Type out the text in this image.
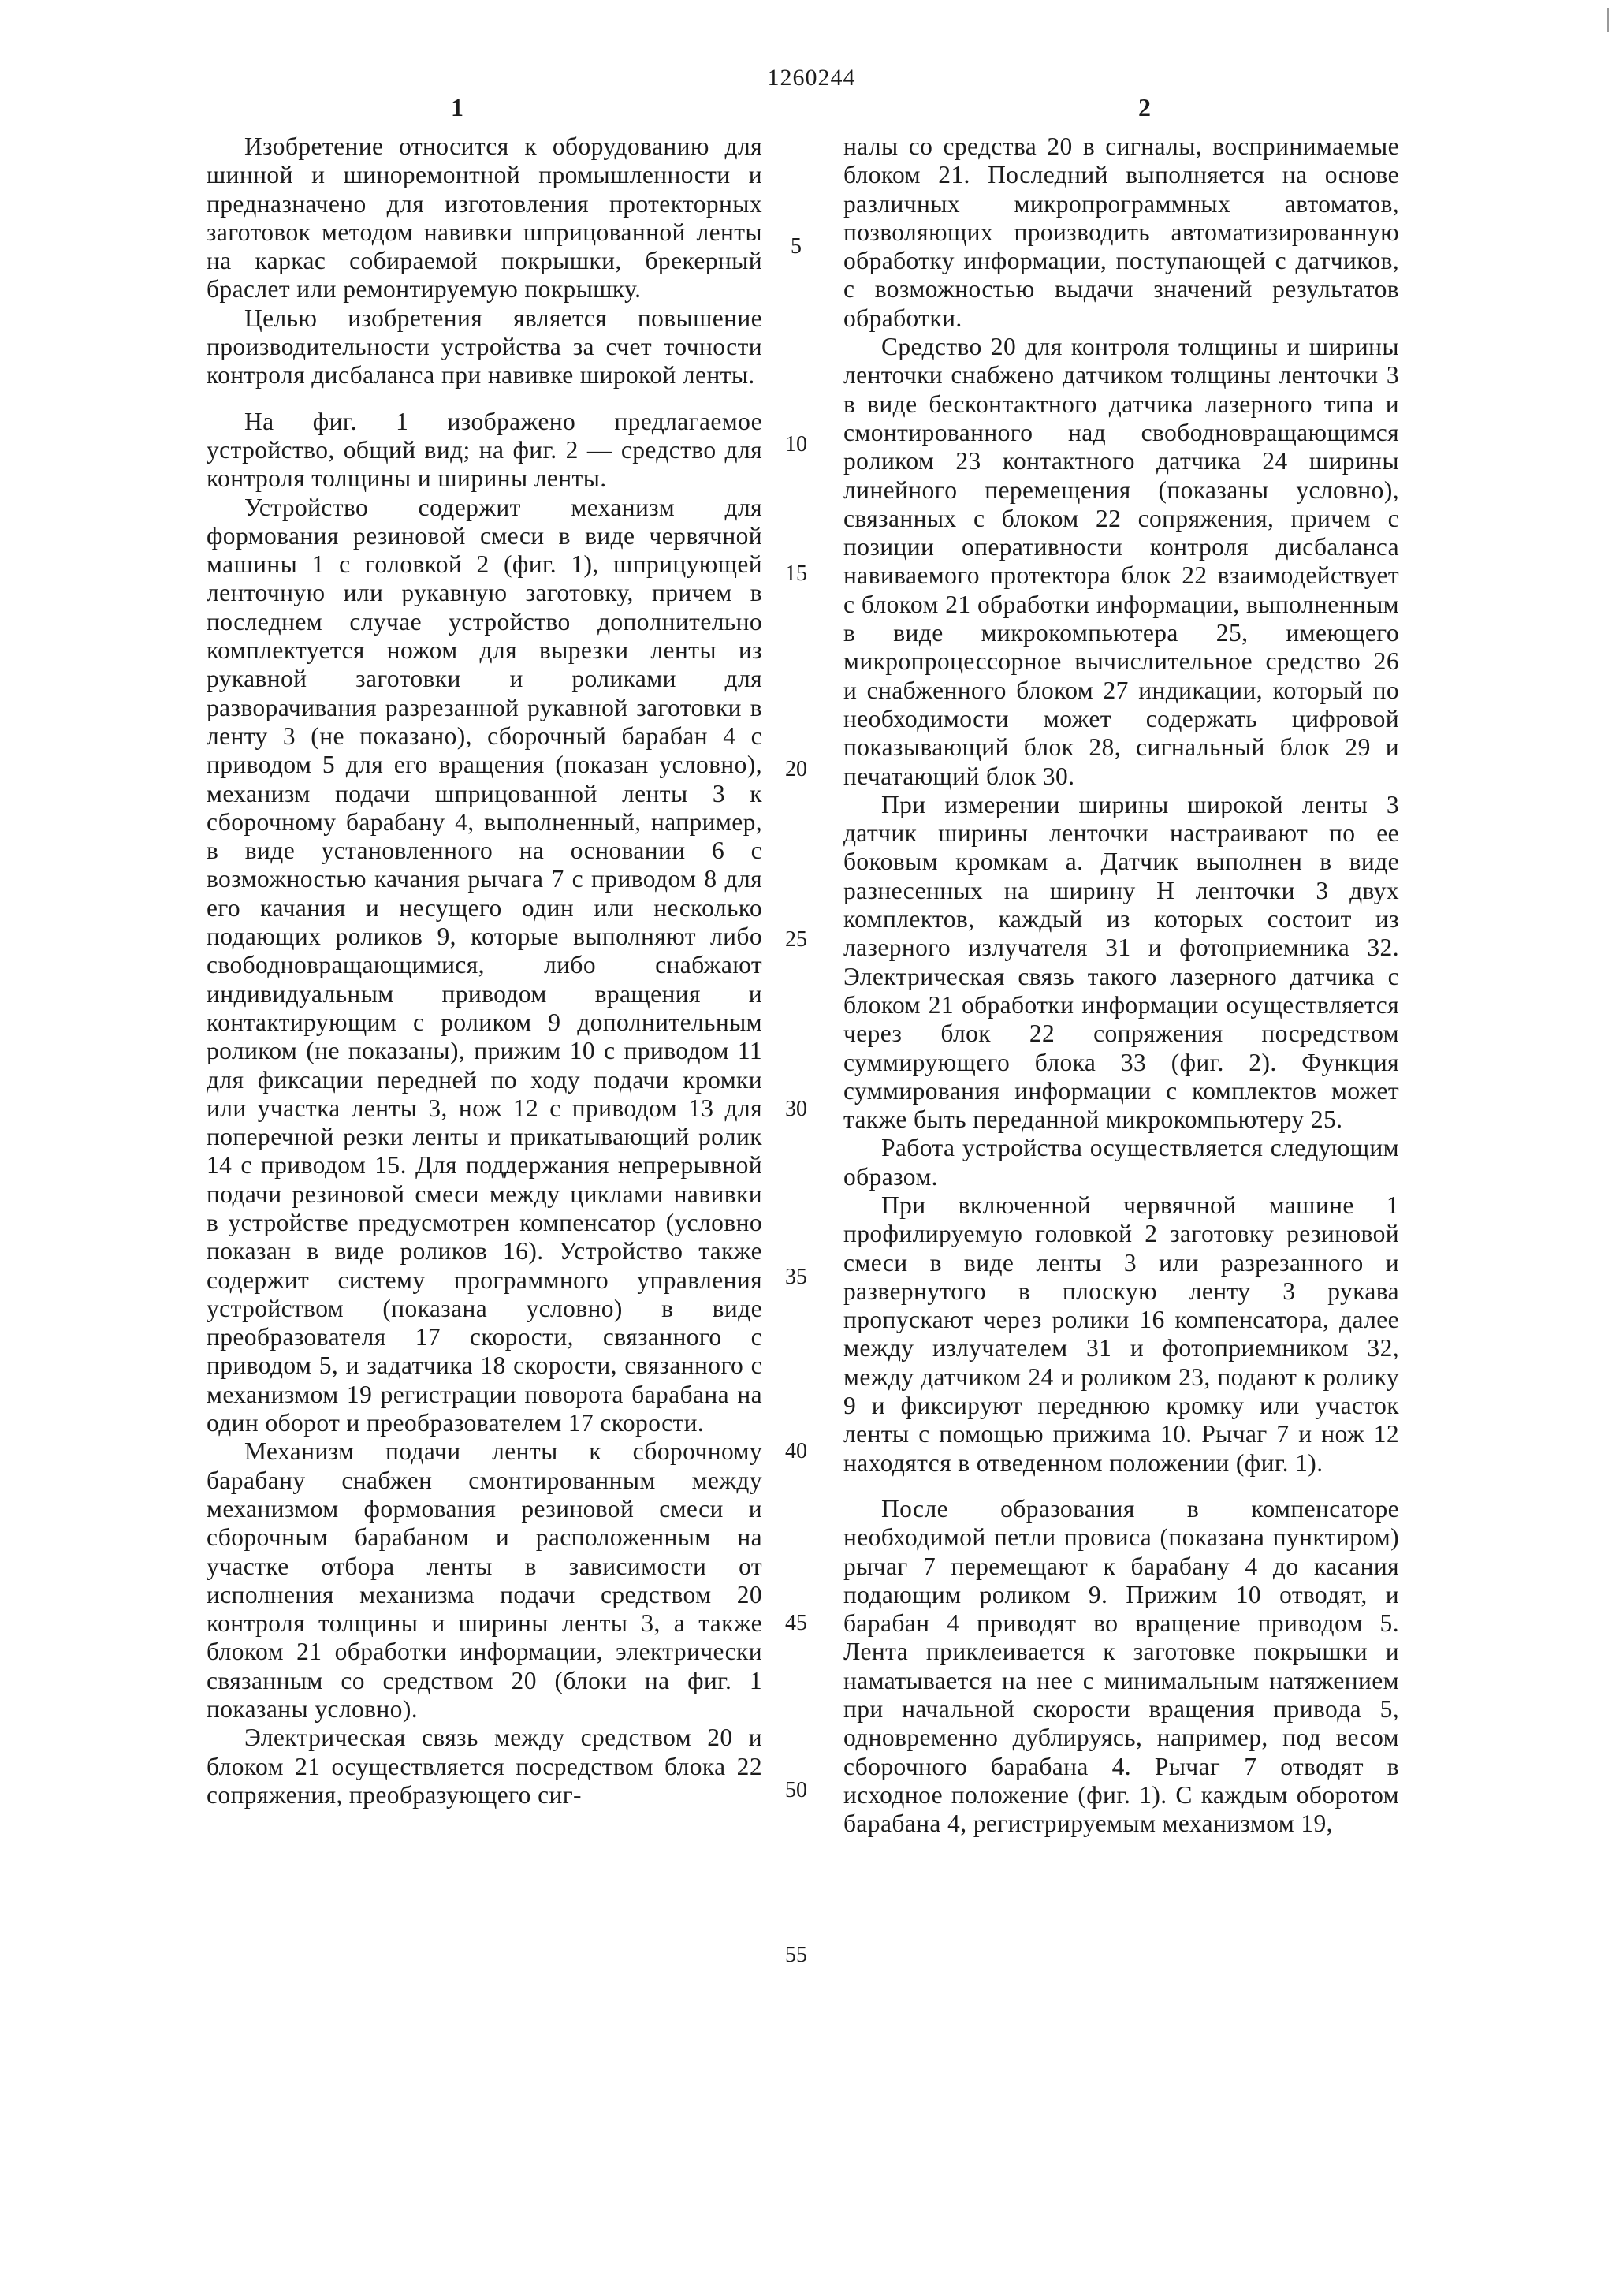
1260244
1	2

Изобретение относится к оборудованию для шинной и шиноремонтной промышленности и предназначено для изготовления протекторных заготовок методом навивки шприцованной ленты на каркас собираемой покрышки, брекерный браслет или ремонтируемую покрышку.

Целью изобретения является повышение производительности устройства за счет точности контроля дисбаланса при навивке широкой ленты.

На фиг. 1 изображено предлагаемое устройство, общий вид; на фиг. 2 — средство для контроля толщины и ширины ленты.

Устройство содержит механизм для формования резиновой смеси в виде червячной машины 1 с головкой 2 (фиг. 1), шприцующей ленточную или рукавную заготовку, причем в последнем случае устройство дополнительно комплектуется ножом для вырезки ленты из рукавной заготовки и роликами для разворачивания разрезанной рукавной заготовки в ленту 3 (не показано), сборочный барабан 4 с приводом 5 для его вращения (показан условно), механизм подачи шприцованной ленты 3 к сборочному барабану 4, выполненный, например, в виде установленного на основании 6 с возможностью качания рычага 7 с приводом 8 для его качания и несущего один или несколько подающих роликов 9, которые выполняют либо свободновращающимися, либо снабжают индивидуальным приводом вращения и контактирующим с роликом 9 дополнительным роликом (не показаны), прижим 10 с приводом 11 для фиксации передней по ходу подачи кромки или участка ленты 3, нож 12 с приводом 13 для поперечной резки ленты и прикатывающий ролик 14 с приводом 15. Для поддержания непрерывной подачи резиновой смеси между циклами навивки в устройстве предусмотрен компенсатор (условно показан в виде роликов 16). Устройство также содержит систему программного управления устройством (показана условно) в виде преобразователя 17 скорости, связанного с приводом 5, и задатчика 18 скорости, связанного с механизмом 19 регистрации поворота барабана на один оборот и преобразователем 17 скорости.

Механизм подачи ленты к сборочному барабану снабжен смонтированным между механизмом формования резиновой смеси и сборочным барабаном и расположенным на участке отбора ленты в зависимости от исполнения механизма подачи средством 20 контроля толщины и ширины ленты 3, а также блоком 21 обработки информации, электрически связанным со средством 20 (блоки на фиг. 1 показаны условно).

Электрическая связь между средством 20 и блоком 21 осуществляется посредством блока 22 сопряжения, преобразующего сиг-

5
10
15
20
25
30
35
40
45
50
55

налы со средства 20 в сигналы, воспринимаемые блоком 21. Последний выполняется на основе различных микропрограммных автоматов, позволяющих производить автоматизированную обработку информации, поступающей с датчиков, с возможностью выдачи значений результатов обработки.

Средство 20 для контроля толщины и ширины ленточки снабжено датчиком толщины ленточки 3 в виде бесконтактного датчика лазерного типа и смонтированного над свободновращающимся роликом 23 контактного датчика 24 ширины линейного перемещения (показаны условно), связанных с блоком 22 сопряжения, причем с позиции оперативности контроля дисбаланса навиваемого протектора блок 22 взаимодействует с блоком 21 обработки информации, выполненным в виде микрокомпьютера 25, имеющего микропроцессорное вычислительное средство 26 и снабженного блоком 27 индикации, который по необходимости может содержать цифровой показывающий блок 28, сигнальный блок 29 и печатающий блок 30.

При измерении ширины широкой ленты 3 датчик ширины ленточки настраивают по ее боковым кромкам а. Датчик выполнен в виде разнесенных на ширину Н ленточки 3 двух комплектов, каждый из которых состоит из лазерного излучателя 31 и фотоприемника 32. Электрическая связь такого лазерного датчика с блоком 21 обработки информации осуществляется через блок 22 сопряжения посредством суммирующего блока 33 (фиг. 2). Функция суммирования информации с комплектов может также быть переданной микрокомпьютеру 25.

Работа устройства осуществляется следующим образом.

При включенной червячной машине 1 профилируемую головкой 2 заготовку резиновой смеси в виде ленты 3 или разрезанного и развернутого в плоскую ленту 3 рукава пропускают через ролики 16 компенсатора, далее между излучателем 31 и фотоприемником 32, между датчиком 24 и роликом 23, подают к ролику 9 и фиксируют переднюю кромку или участок ленты с помощью прижима 10. Рычаг 7 и нож 12 находятся в отведенном положении (фиг. 1).

После образования в компенсаторе необходимой петли провиса (показана пунктиром) рычаг 7 перемещают к барабану 4 до касания подающим роликом 9. Прижим 10 отводят, и барабан 4 приводят во вращение приводом 5. Лента приклеивается к заготовке покрышки и наматывается на нее с минимальным натяжением при начальной скорости вращения привода 5, одновременно дублируясь, например, под весом сборочного барабана 4. Рычаг 7 отводят в исходное положение (фиг. 1). С каждым оборотом барабана 4, регистрируемым механизмом 19,
